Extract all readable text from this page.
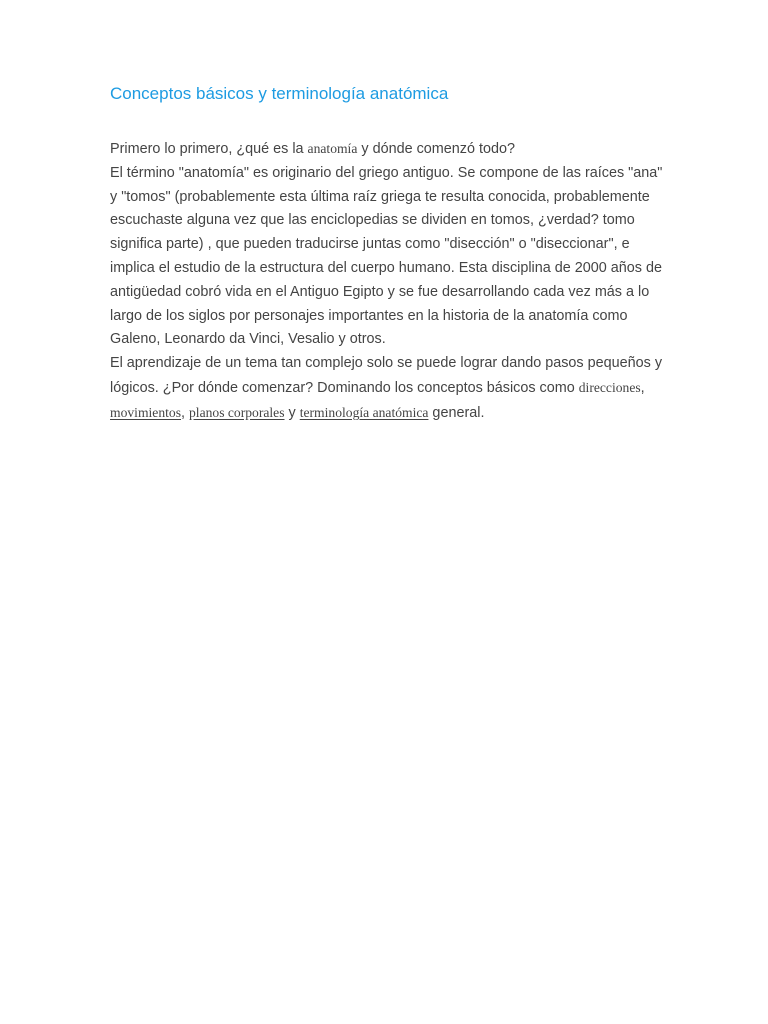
Conceptos básicos y terminología anatómica

Primero lo primero, ¿qué es la anatomía y dónde comenzó todo?

El término "anatomía" es originario del griego antiguo. Se compone de las raíces "ana" y "tomos" (probablemente esta última raíz griega te resulta conocida, probablemente escuchaste alguna vez que las enciclopedias se dividen en tomos, ¿verdad? tomo significa parte) , que pueden traducirse juntas como "disección" o "diseccionar", e implica el estudio de la estructura del cuerpo humano. Esta disciplina de 2000 años de antigüedad cobró vida en el Antiguo Egipto y se fue desarrollando cada vez más a lo largo de los siglos por personajes importantes en la historia de la anatomía como Galeno, Leonardo da Vinci, Vesalio y otros.

El aprendizaje de un tema tan complejo solo se puede lograr dando pasos pequeños y lógicos. ¿Por dónde comenzar? Dominando los conceptos básicos como direcciones, movimientos, planos corporales y terminología anatómica general.
